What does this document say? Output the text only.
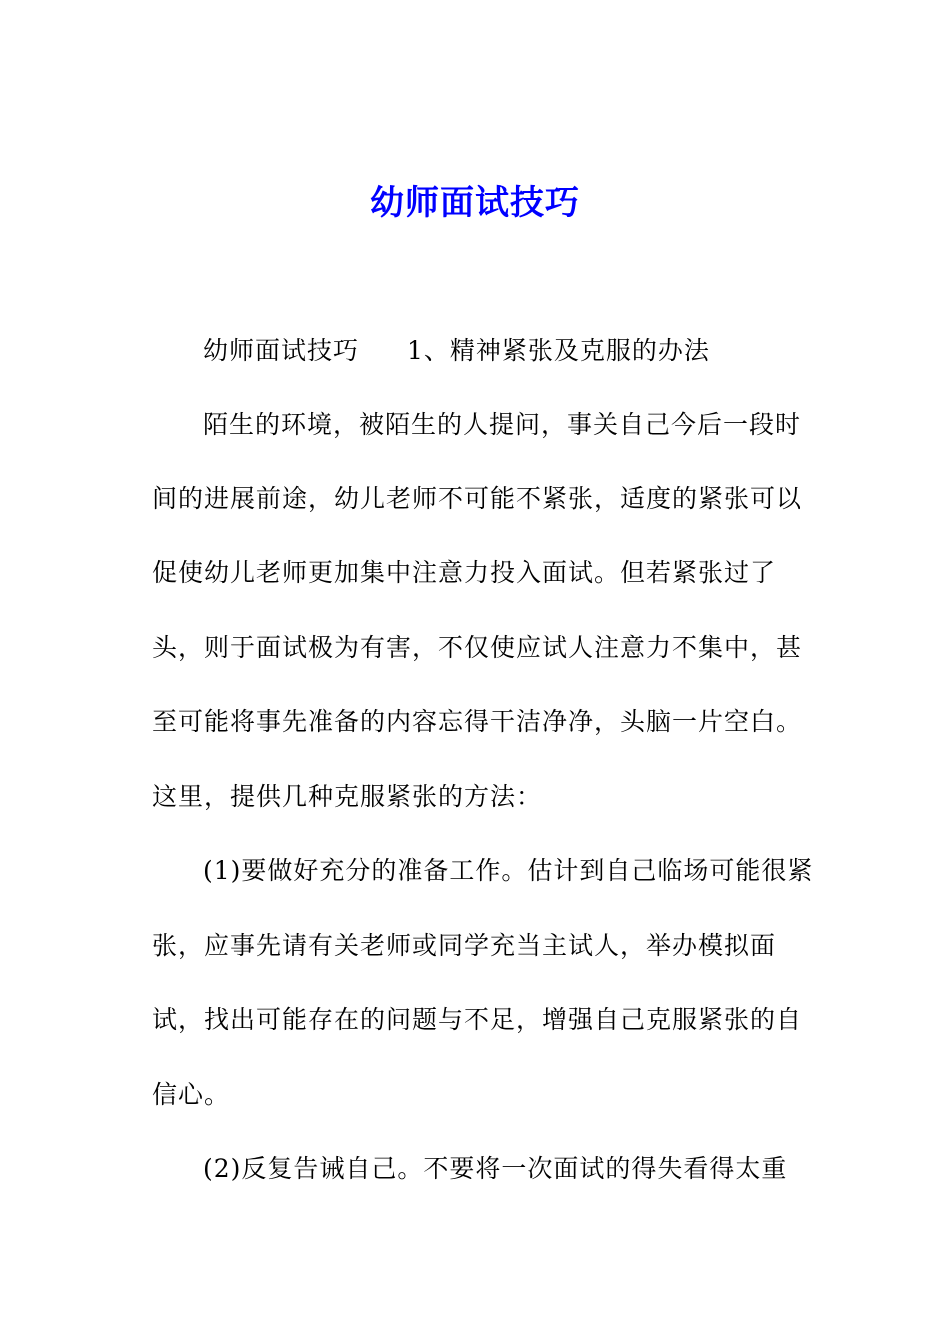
幼师面试技巧
幼师面试技巧 1、精神紧张及克服的办法
陌生的环境，被陌生的人提问，事关自己今后一段时
间的进展前途，幼儿老师不可能不紧张，适度的紧张可以
促使幼儿老师更加集中注意力投入面试。但若紧张过了
头，则于面试极为有害，不仅使应试人注意力不集中，甚
至可能将事先准备的内容忘得干洁净净，头脑一片空白。
这里，提供几种克服紧张的方法：
(1)要做好充分的准备工作。估计到自己临场可能很紧
张，应事先请有关老师或同学充当主试人，举办模拟面
试，找出可能存在的问题与不足，增强自己克服紧张的自
信心。
(2)反复告诫自己。不要将一次面试的得失看得太重
